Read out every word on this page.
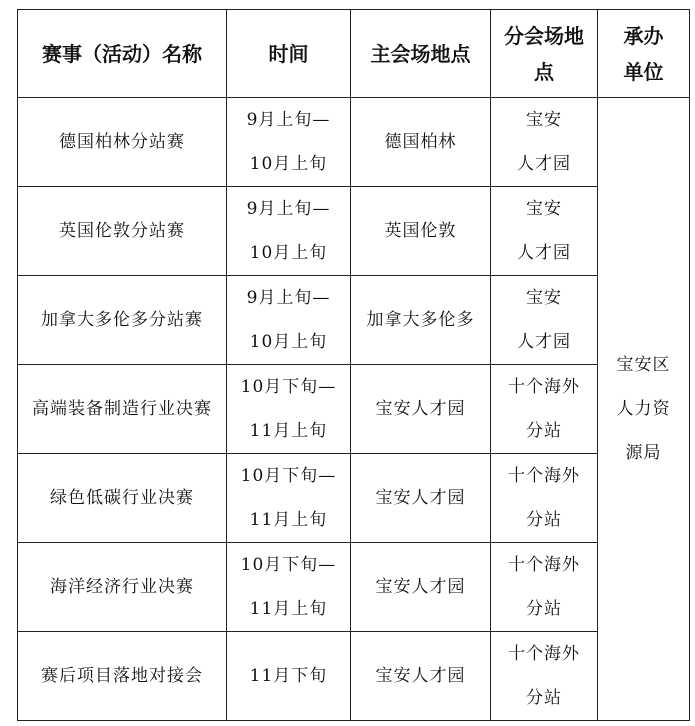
赛事（活动）名称	时间	主会场地点	分会场地
点	承办
单位

德国柏林分站赛	9月上旬—
10月上旬	德国柏林	宝安
人才园	宝安区
人力资
源局

英国伦敦分站赛	9月上旬—
10月上旬	英国伦敦	宝安
人才园	

加拿大多伦多分站赛	9月上旬—
10月上旬	加拿大多伦多	宝安
人才园	

高端装备制造行业决赛	10月下旬—
11月上旬	宝安人才园	十个海外
分站	

绿色低碳行业决赛	10月下旬—
11月上旬	宝安人才园	十个海外
分站	

海洋经济行业决赛	10月下旬—
11月上旬	宝安人才园	十个海外
分站	

赛后项目落地对接会	11月下旬	宝安人才园	十个海外
分站	
